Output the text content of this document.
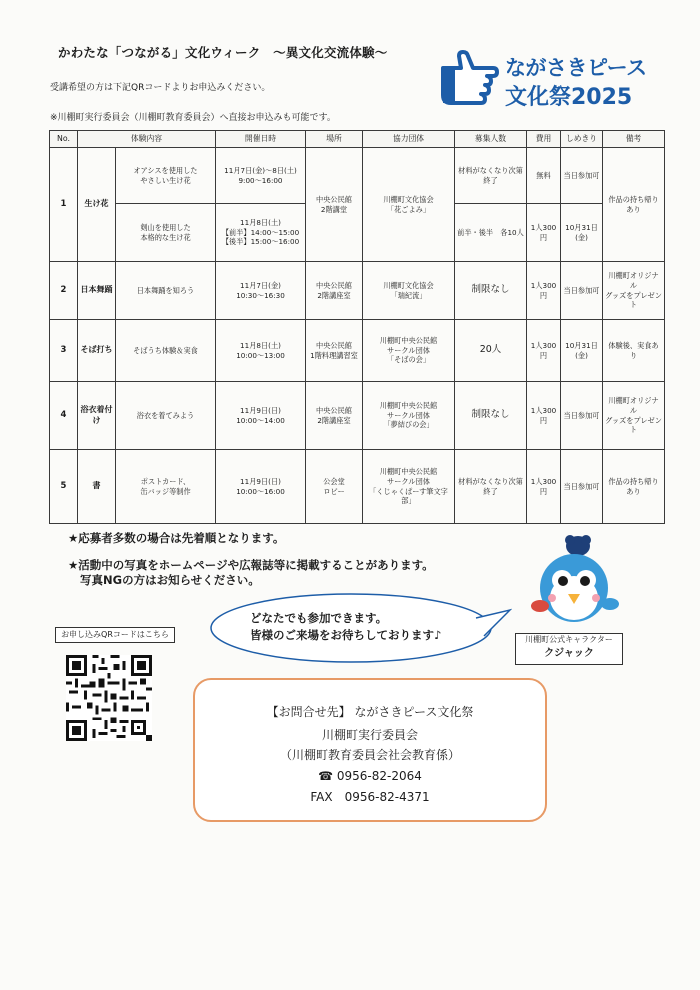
かわたな「つながる」文化ウィーク　～異文化交流体験～
受講希望の方は下記QRコードよりお申込みください。
※川棚町実行委員会（川棚町教育委員会）へ直接お申込みも可能です。
ながさきピース
文化祭2025
No.	体験内容		開催日時	場所	協力団体	募集人数	費用	しめきり	備考
1	生け花	オアシスを使用した
やさしい生け花	11月7日(金)～8日(土)
9:00～16:00	中央公民館
2階講堂	川棚町文化協会
「花ごよみ」	材料がなくなり次第
終了	無料	当日参加可	作品の持ち帰りあり
		剣山を使用した
本格的な生け花	11月8日(土)
【前半】14:00～15:00
【後半】15:00～16:00			前半・後半　各10人	1人300
円	10月31日
(金)	
2	日本舞踊	日本舞踊を知ろう	11月7日(金)
10:30～16:30	中央公民館
2階講座室	川棚町文化協会
「瑞紀流」	制限なし	1人300
円	当日参加可	川棚町オリジナル
グッズをプレゼント
3	そば打ち	そばうち体験＆実食	11月8日(土)
10:00～13:00	中央公民館
1階料理講習室	川棚町中央公民館
サークル団体
「そばの会」	20人	1人300
円	10月31日
(金)	体験後、実食あり
4	浴衣着付け	浴衣を着てみよう	11月9日(日)
10:00～14:00	中央公民館
2階講座室	川棚町中央公民館
サークル団体
「夢結びの会」	制限なし	1人300
円	当日参加可	川棚町オリジナル
グッズをプレゼント
5	書	ポストカード、
缶バッジ等制作	11月9日(日)
10:00～16:00	公会堂
ロビー	川棚町中央公民館
サークル団体
「くじゃくぱーす筆文字部」	材料がなくなり次第
終了	1人300
円	当日参加可	作品の持ち帰りあり
★応募者多数の場合は先着順となります。
★活動中の写真をホームページや広報誌等に掲載することがあります。
写真NGの方はお知らせください。
どなたでも参加できます。
皆様のご来場をお待ちしております♪	川棚町公式キャラクター
クジャック
お申し込みQRコードはこちら
【お問合せ先】 ながさきピース文化祭
川棚町実行委員会
（川棚町教育委員会社会教育係）
☎ 0956-82-2064
FAX　0956-82-4371
